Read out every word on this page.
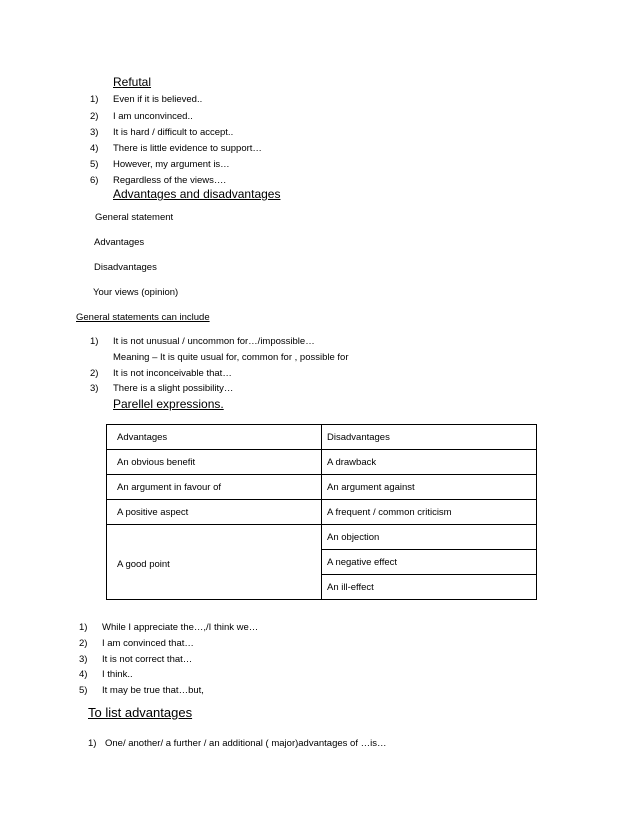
Refutal
1) Even if it is believed..
2) I am unconvinced..
3) It is hard / difficult to accept..
4) There is little evidence to support…
5) However, my argument is…
6) Regardless of the views….
Advantages and disadvantages
General statement
Advantages
Disadvantages
Your views (opinion)
General statements can include
1) It is not unusual / uncommon for…/impossible…
Meaning – It is quite usual for, common for , possible for
2) It is not inconceivable that…
3) There is a slight possibility…
Parellel expressions.
Advantages	Disadvantages
An obvious benefit	A drawback
An argument in favour of	An argument against
A positive aspect	A frequent / common criticism
A good point	An objection
	A negative effect
	An ill-effect
1) While I appreciate the…,/I think we…
2) I am convinced that…
3) It is not correct that…
4) I think..
5) It may be true that…but,
To list advantages
1) One/ another/ a further / an additional ( major)advantages of …is…
